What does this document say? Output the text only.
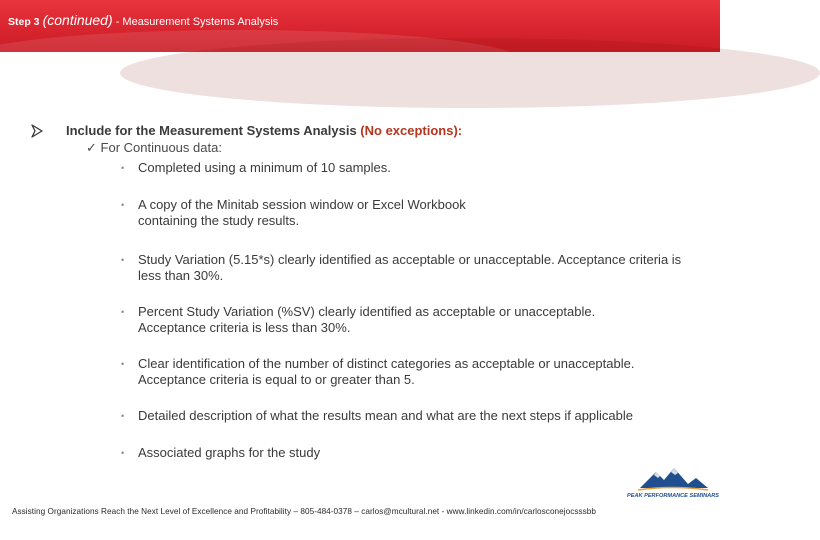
Step 3 (continued) - Measurement Systems Analysis
Include for the Measurement Systems Analysis (No exceptions):
✓ For Continuous data:
• Completed using a minimum of 10 samples.
• A copy of the Minitab session window or Excel Workbook containing the study results.
• Study Variation (5.15*s) clearly identified as acceptable or unacceptable. Acceptance criteria is less than 30%.
• Percent Study Variation (%SV) clearly identified as acceptable or unacceptable. Acceptance criteria is less than 30%.
• Clear identification of the number of distinct categories as acceptable or unacceptable. Acceptance criteria is equal to or greater than 5.
• Detailed description of what the results mean and what are the next steps if applicable
• Associated graphs for the study
PEAK PERFORMANCE SEMINARS
Assisting Organizations Reach the Next Level of Excellence and Profitability – 805-484-0378 – carlos@mcultural.net - www.linkedin.com/in/carlosconejocsssbb
